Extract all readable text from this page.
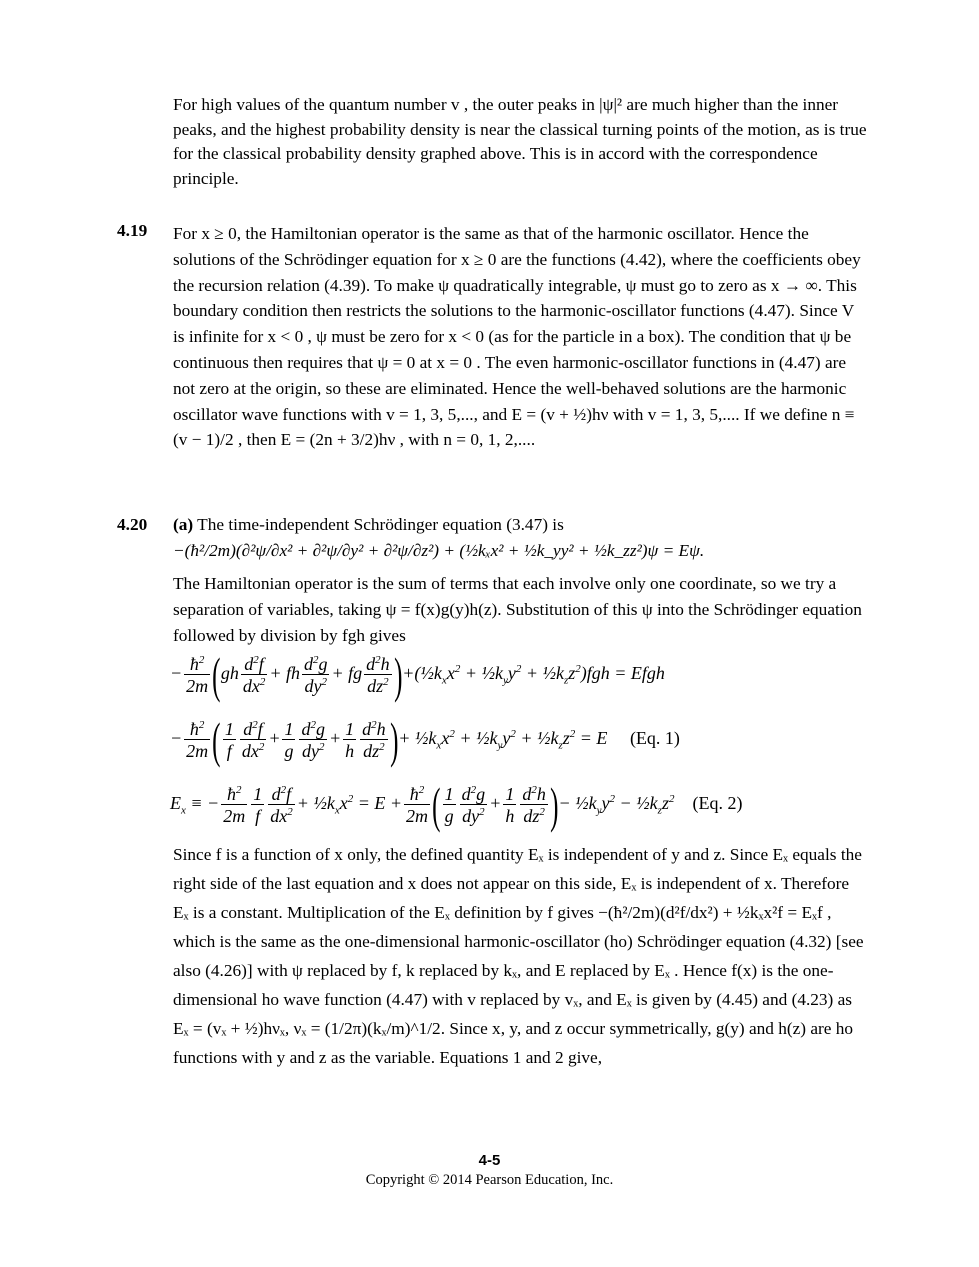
For high values of the quantum number v , the outer peaks in |ψ|² are much higher than the inner peaks, and the highest probability density is near the classical turning points of the motion, as is true for the classical probability density graphed above. This is in accord with the correspondence principle.
4.19 For x ≥ 0, the Hamiltonian operator is the same as that of the harmonic oscillator. Hence the solutions of the Schrödinger equation for x ≥ 0 are the functions (4.42), where the coefficients obey the recursion relation (4.39). To make ψ quadratically integrable, ψ must go to zero as x → ∞. This boundary condition then restricts the solutions to the harmonic-oscillator functions (4.47). Since V is infinite for x < 0 , ψ must be zero for x < 0 (as for the particle in a box). The condition that ψ be continuous then requires that ψ = 0 at x = 0 . The even harmonic-oscillator functions in (4.47) are not zero at the origin, so these are eliminated. Hence the well-behaved solutions are the harmonic oscillator wave functions with v = 1, 3, 5,..., and E = (v + ½)hν with v = 1, 3, 5,.... If we define n ≡ (v − 1)/2 , then E = (2n + 3/2)hν , with n = 0, 1, 2,....
4.20 (a) The time-independent Schrödinger equation (3.47) is
−(ħ²/2m)(∂²ψ/∂x² + ∂²ψ/∂y² + ∂²ψ/∂z²) + (½kₓx² + ½k_yy² + ½k_zz²)ψ = Eψ.
The Hamiltonian operator is the sum of terms that each involve only one coordinate, so we try a separation of variables, taking ψ = f(x)g(y)h(z). Substitution of this ψ into the Schrödinger equation followed by division by fgh gives
− $\frac{ħ^2}{2m} (gh \frac{d^2f}{dx^2}$ + fh $\frac{d^2g}{dy^2}$ + fg $\frac{d^2h}{dz^2}$ )$+(\frac{1}{2}k_xx^2$ + $\frac{1}{2}k_yy^2$ + $\frac{1}{2}k_zz^2)fgh$ = Efgh
− $\frac{ħ^2}{2m}$ ( $\frac{1}{f} \frac{d^2f}{dx^2} + \frac{1}{g} \frac{d^2g}{dy^2} + \frac{1}{h} \frac{d^2h}{dz^2}$ )+ $\frac{1}{2}k_xx^2$ + $\frac{1}{2}k_yy^2$ + $\frac{1}{2}k_zz^2 = E$     (Eq. 1)
$E_x$ ≡ − $\frac{ħ^2}{2m} \frac{1}{f} \frac{d^2f}{dx^2}$ + $\frac{1}{2}k_xx^2 = E + \frac{ħ^2}{2m}$ ( $\frac{1}{g} \frac{d^2g}{dy^2} + \frac{1}{h} \frac{d^2h}{dz^2}$ )− $\frac{1}{2}k_yy^2$ − $\frac{1}{2}k_zz^2$ (Eq. 2)
Since f is a function of x only, the defined quantity Eₓ is independent of y and z. Since Eₓ equals the right side of the last equation and x does not appear on this side, Eₓ is independent of x. Therefore Eₓ is a constant. Multiplication of the Eₓ definition by f gives −(ħ²/2m)(d²f/dx²) + ½kₓx²f = Eₓf , which is the same as the one-dimensional harmonic-oscillator (ho) Schrödinger equation (4.32) [see also (4.26)] with ψ replaced by f, k replaced by kₓ, and E replaced by Eₓ . Hence f(x) is the one-dimensional ho wave function (4.47) with v replaced by vₓ, and Eₓ is given by (4.45) and (4.23) as Eₓ = (vₓ + ½)hνₓ, νₓ = (1/2π)(kₓ/m)^1/2. Since x, y, and z occur symmetrically, g(y) and h(z) are ho functions with y and z as the variable. Equations 1 and 2 give,
4-5
Copyright © 2014 Pearson Education, Inc.
